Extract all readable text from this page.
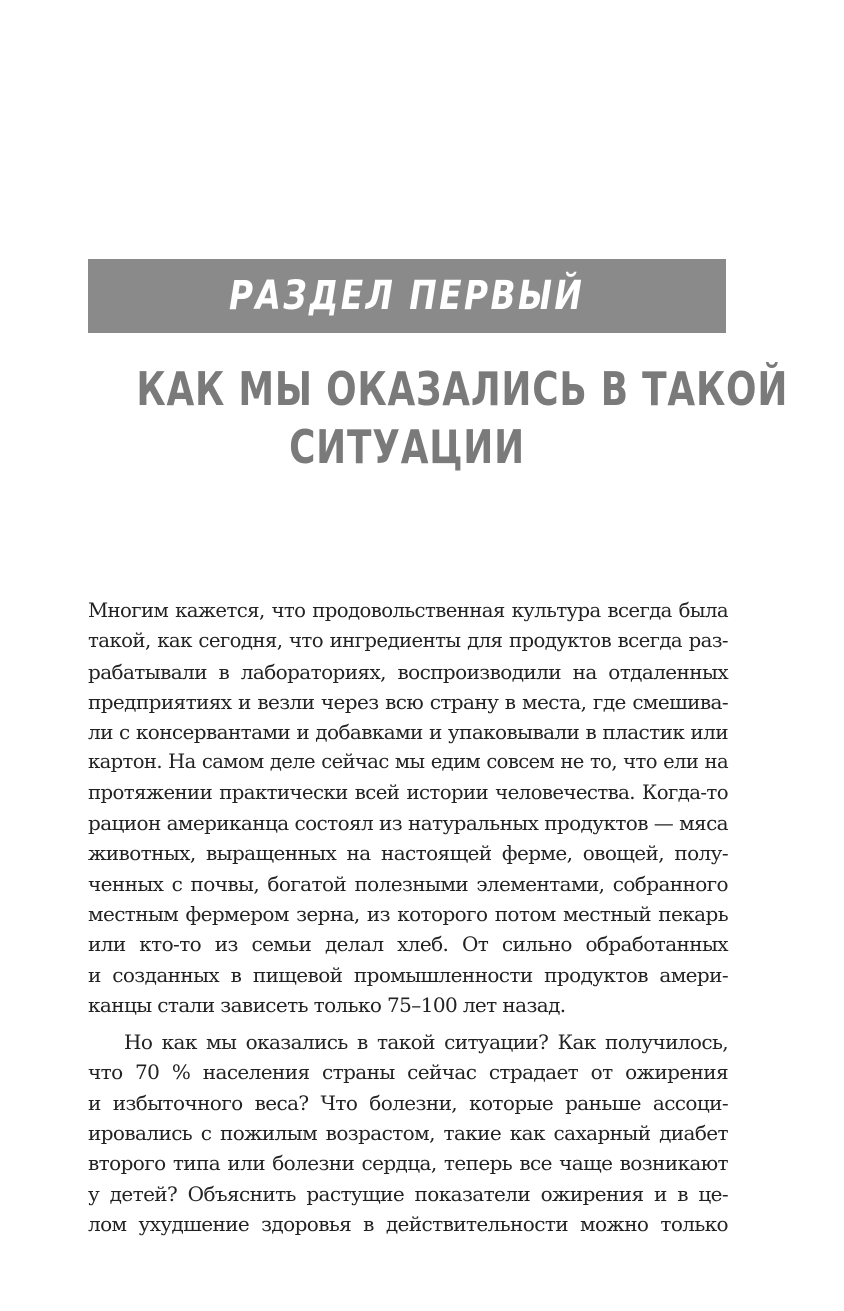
РАЗДЕЛ ПЕРВЫЙ
КАК МЫ ОКАЗАЛИСЬ В ТАКОЙ
СИТУАЦИИ
Многим кажется, что продовольственная культура всегда была
такой, как сегодня, что ингредиенты для продуктов всегда раз-
рабатывали в лабораториях, воспроизводили на отдаленных
предприятиях и везли через всю страну в места, где смешива-
ли с консервантами и добавками и упаковывали в пластик или
картон. На самом деле сейчас мы едим совсем не то, что ели на
протяжении практически всей истории человечества. Когда-то
рацион американца состоял из натуральных продуктов — мяса
животных, выращенных на настоящей ферме, овощей, полу-
ченных с почвы, богатой полезными элементами, собранного
местным фермером зерна, из которого потом местный пекарь
или кто-то из семьи делал хлеб. От сильно обработанных
и созданных в пищевой промышленности продуктов амери-
канцы стали зависеть только 75–100 лет назад.
Но как мы оказались в такой ситуации? Как получилось,
что 70 % населения страны сейчас страдает от ожирения
и избыточного веса? Что болезни, которые раньше ассоци-
ировались с пожилым возрастом, такие как сахарный диабет
второго типа или болезни сердца, теперь все чаще возникают
у детей? Объяснить растущие показатели ожирения и в це-
лом ухудшение здоровья в действительности можно только
